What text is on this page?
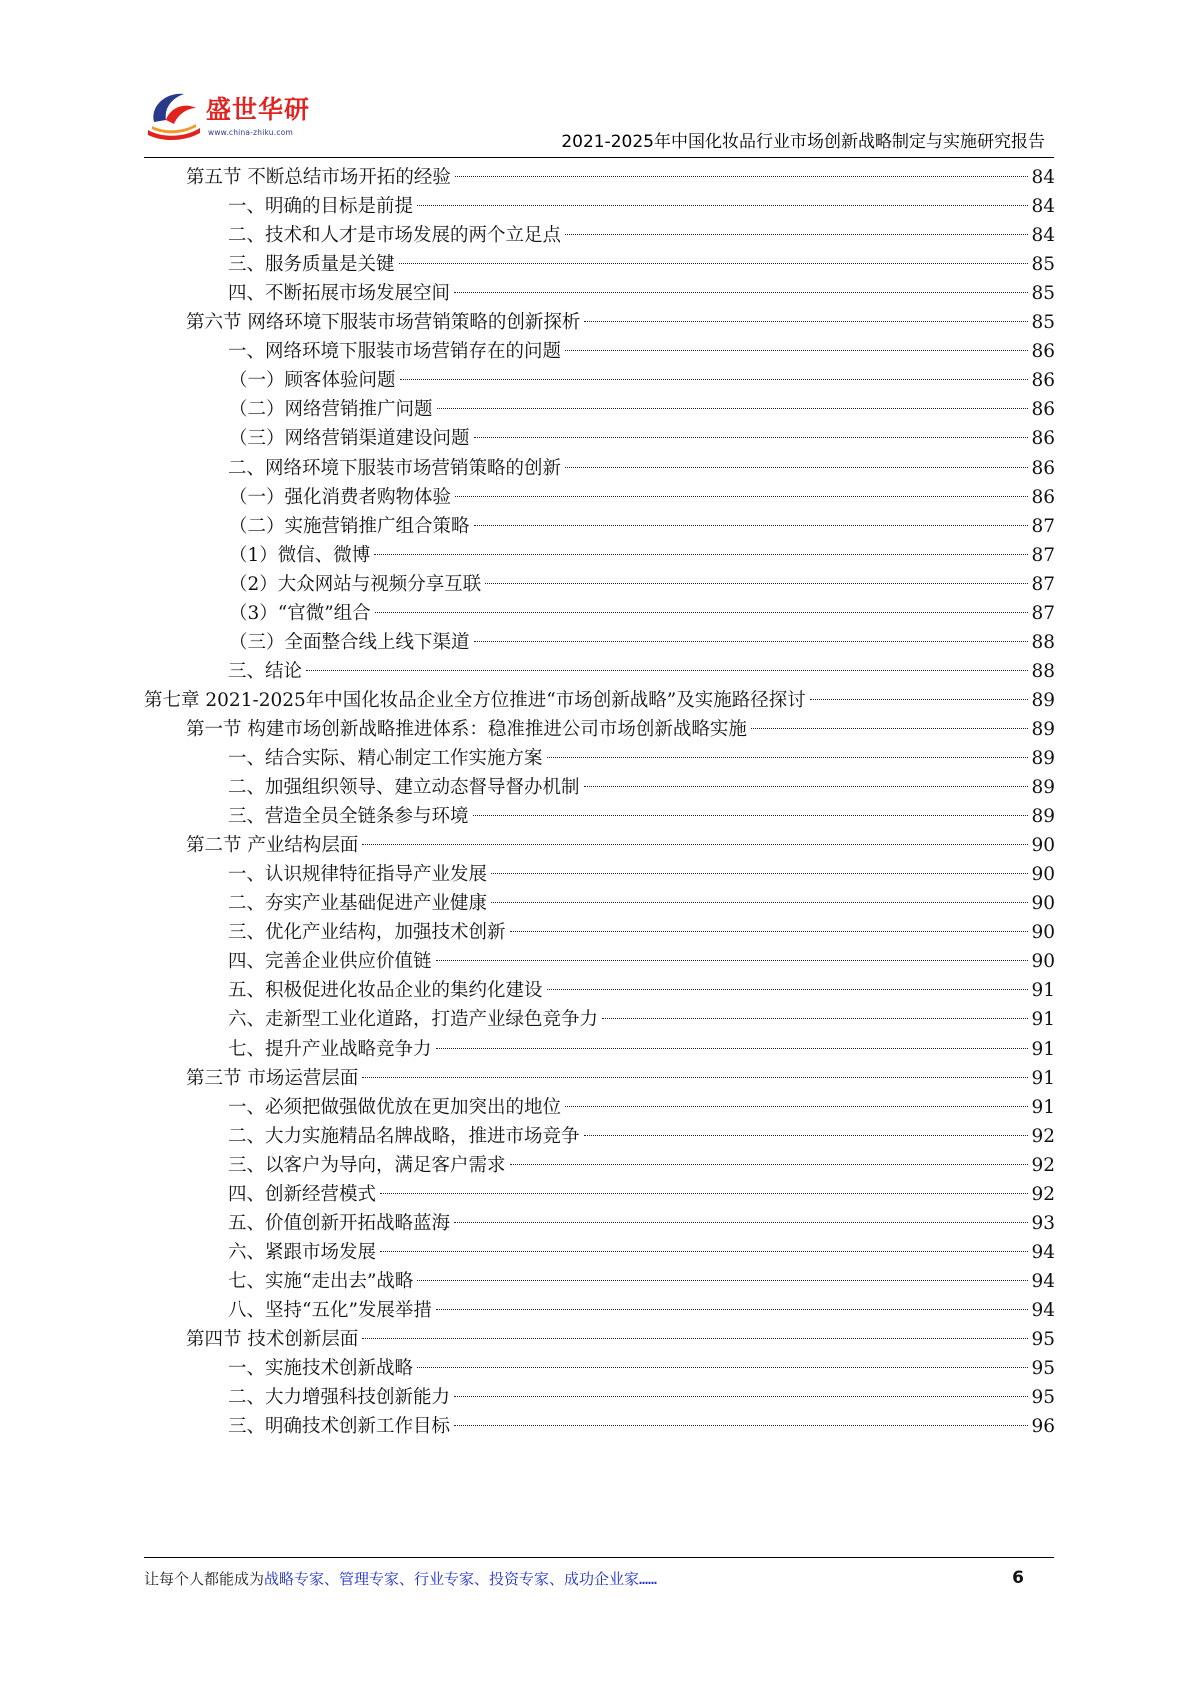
盛世华研
www.china-zhiku.com	2021-2025年中国化妆品行业市场创新战略制定与实施研究报告
第五节 不断总结市场开拓的经验	84
一、明确的目标是前提	84
二、技术和人才是市场发展的两个立足点	84
三、服务质量是关键	85
四、不断拓展市场发展空间	85
第六节 网络环境下服装市场营销策略的创新探析	85
一、网络环境下服装市场营销存在的问题	86
（一）顾客体验问题	86
（二）网络营销推广问题	86
（三）网络营销渠道建设问题	86
二、网络环境下服装市场营销策略的创新	86
（一）强化消费者购物体验	86
（二）实施营销推广组合策略	87
（1）微信、微博	87
（2）大众网站与视频分享互联	87
（3）“官微”组合	87
（三）全面整合线上线下渠道	88
三、结论	88
第七章 2021-2025年中国化妆品企业全方位推进“市场创新战略”及实施路径探讨	89
第一节 构建市场创新战略推进体系：稳准推进公司市场创新战略实施	89
一、结合实际、精心制定工作实施方案	89
二、加强组织领导、建立动态督导督办机制	89
三、营造全员全链条参与环境	89
第二节 产业结构层面	90
一、认识规律特征指导产业发展	90
二、夯实产业基础促进产业健康	90
三、优化产业结构，加强技术创新	90
四、完善企业供应价值链	90
五、积极促进化妆品企业的集约化建设	91
六、走新型工业化道路，打造产业绿色竞争力	91
七、提升产业战略竞争力	91
第三节 市场运营层面	91
一、必须把做强做优放在更加突出的地位	91
二、大力实施精品名牌战略，推进市场竞争	92
三、以客户为导向，满足客户需求	92
四、创新经营模式	92
五、价值创新开拓战略蓝海	93
六、紧跟市场发展	94
七、实施“走出去”战略	94
八、坚持“五化”发展举措	94
第四节 技术创新层面	95
一、实施技术创新战略	95
二、大力增强科技创新能力	95
三、明确技术创新工作目标	96
让每个人都能成为战略专家、管理专家、行业专家、投资专家、成功企业家……	6
